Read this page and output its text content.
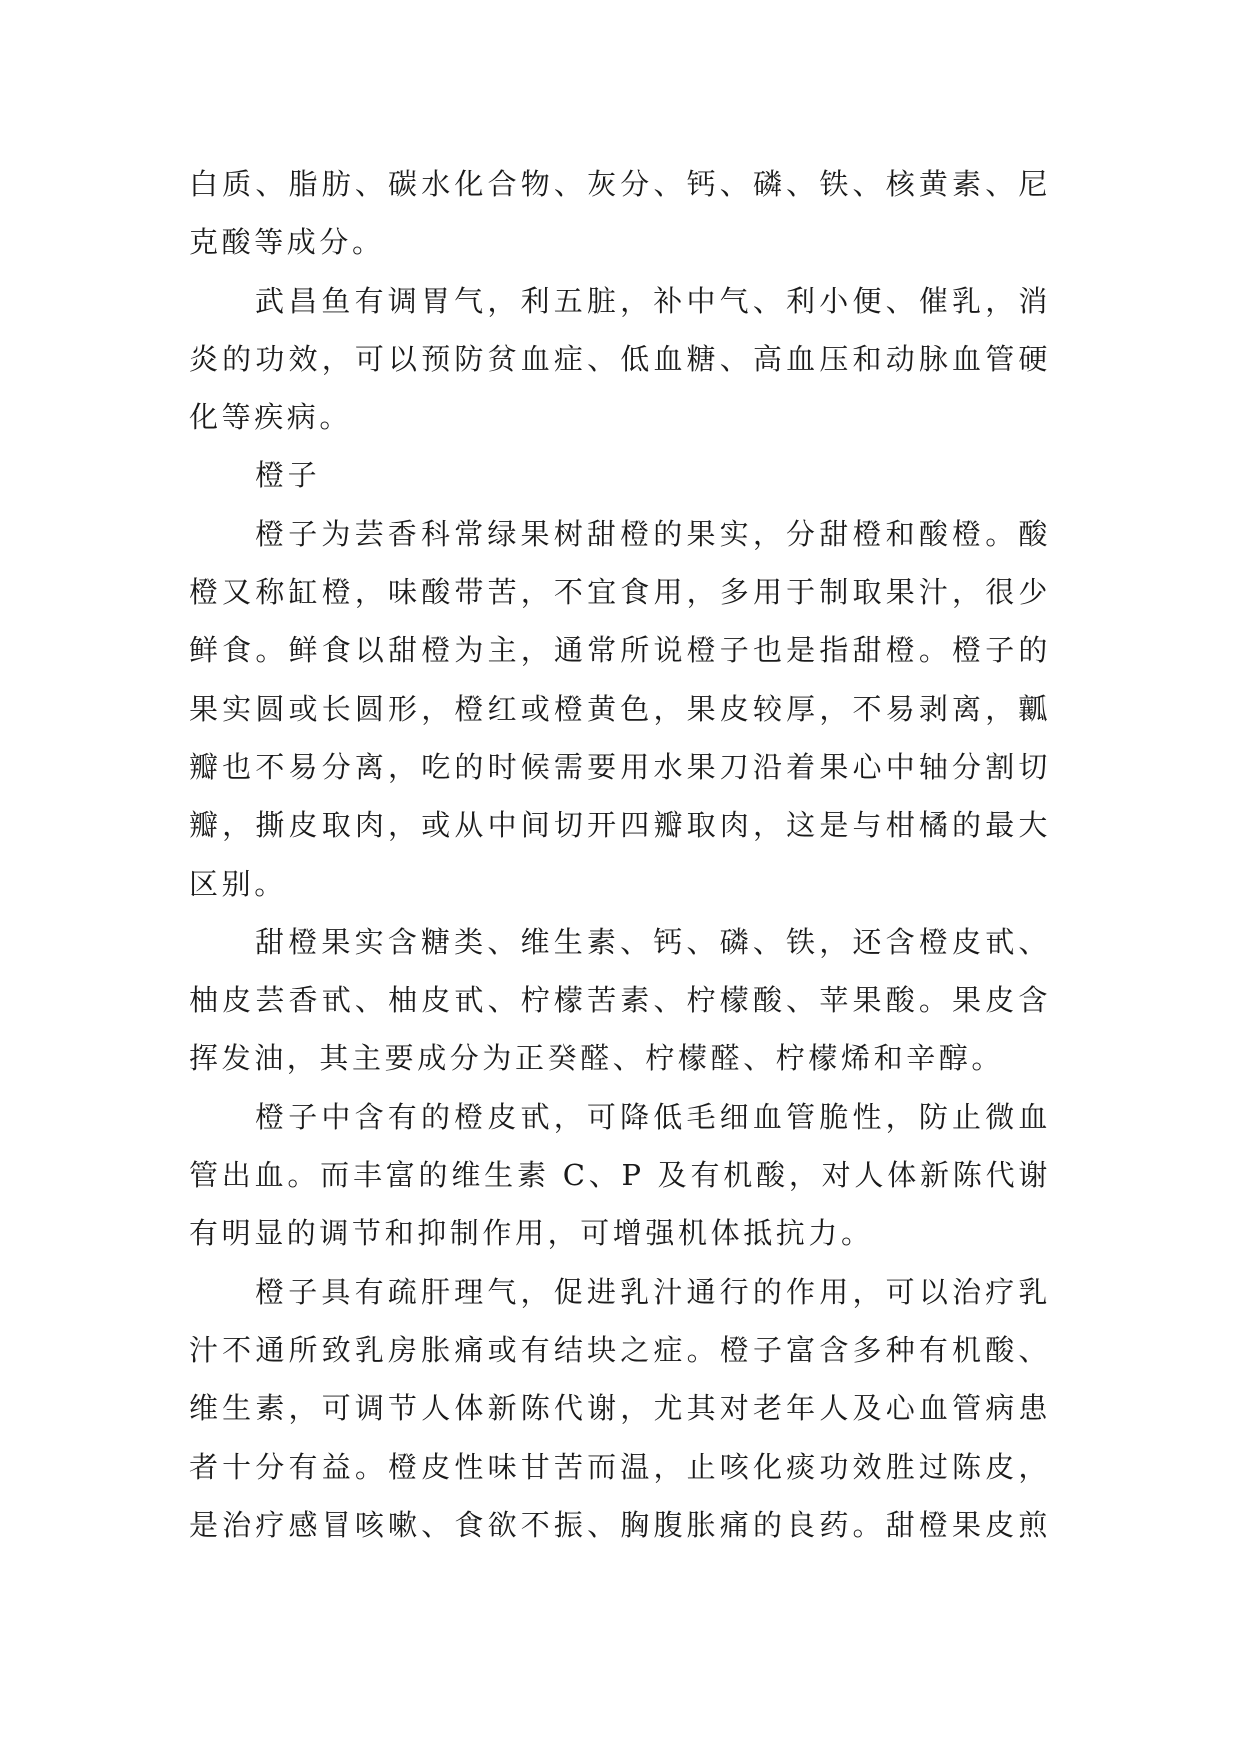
白质、脂肪、碳水化合物、灰分、钙、磷、铁、核黄素、尼
克酸等成分。
武昌鱼有调胃气，利五脏，补中气、利小便、催乳，消
炎的功效，可以预防贫血症、低血糖、高血压和动脉血管硬
化等疾病。
橙子
橙子为芸香科常绿果树甜橙的果实，分甜橙和酸橙。酸
橙又称缸橙，味酸带苦，不宜食用，多用于制取果汁，很少
鲜食。鲜食以甜橙为主，通常所说橙子也是指甜橙。橙子的
果实圆或长圆形，橙红或橙黄色，果皮较厚，不易剥离，瓤
瓣也不易分离，吃的时候需要用水果刀沿着果心中轴分割切
瓣，撕皮取肉，或从中间切开四瓣取肉，这是与柑橘的最大
区别。
甜橙果实含糖类、维生素、钙、磷、铁，还含橙皮甙、
柚皮芸香甙、柚皮甙、柠檬苦素、柠檬酸、苹果酸。果皮含
挥发油，其主要成分为正癸醛、柠檬醛、柠檬烯和辛醇。
橙子中含有的橙皮甙，可降低毛细血管脆性，防止微血
管出血。而丰富的维生素 C、P 及有机酸，对人体新陈代谢
有明显的调节和抑制作用，可增强机体抵抗力。
橙子具有疏肝理气，促进乳汁通行的作用，可以治疗乳
汁不通所致乳房胀痛或有结块之症。橙子富含多种有机酸、
维生素，可调节人体新陈代谢，尤其对老年人及心血管病患
者十分有益。橙皮性味甘苦而温，止咳化痰功效胜过陈皮，
是治疗感冒咳嗽、食欲不振、胸腹胀痛的良药。甜橙果皮煎
